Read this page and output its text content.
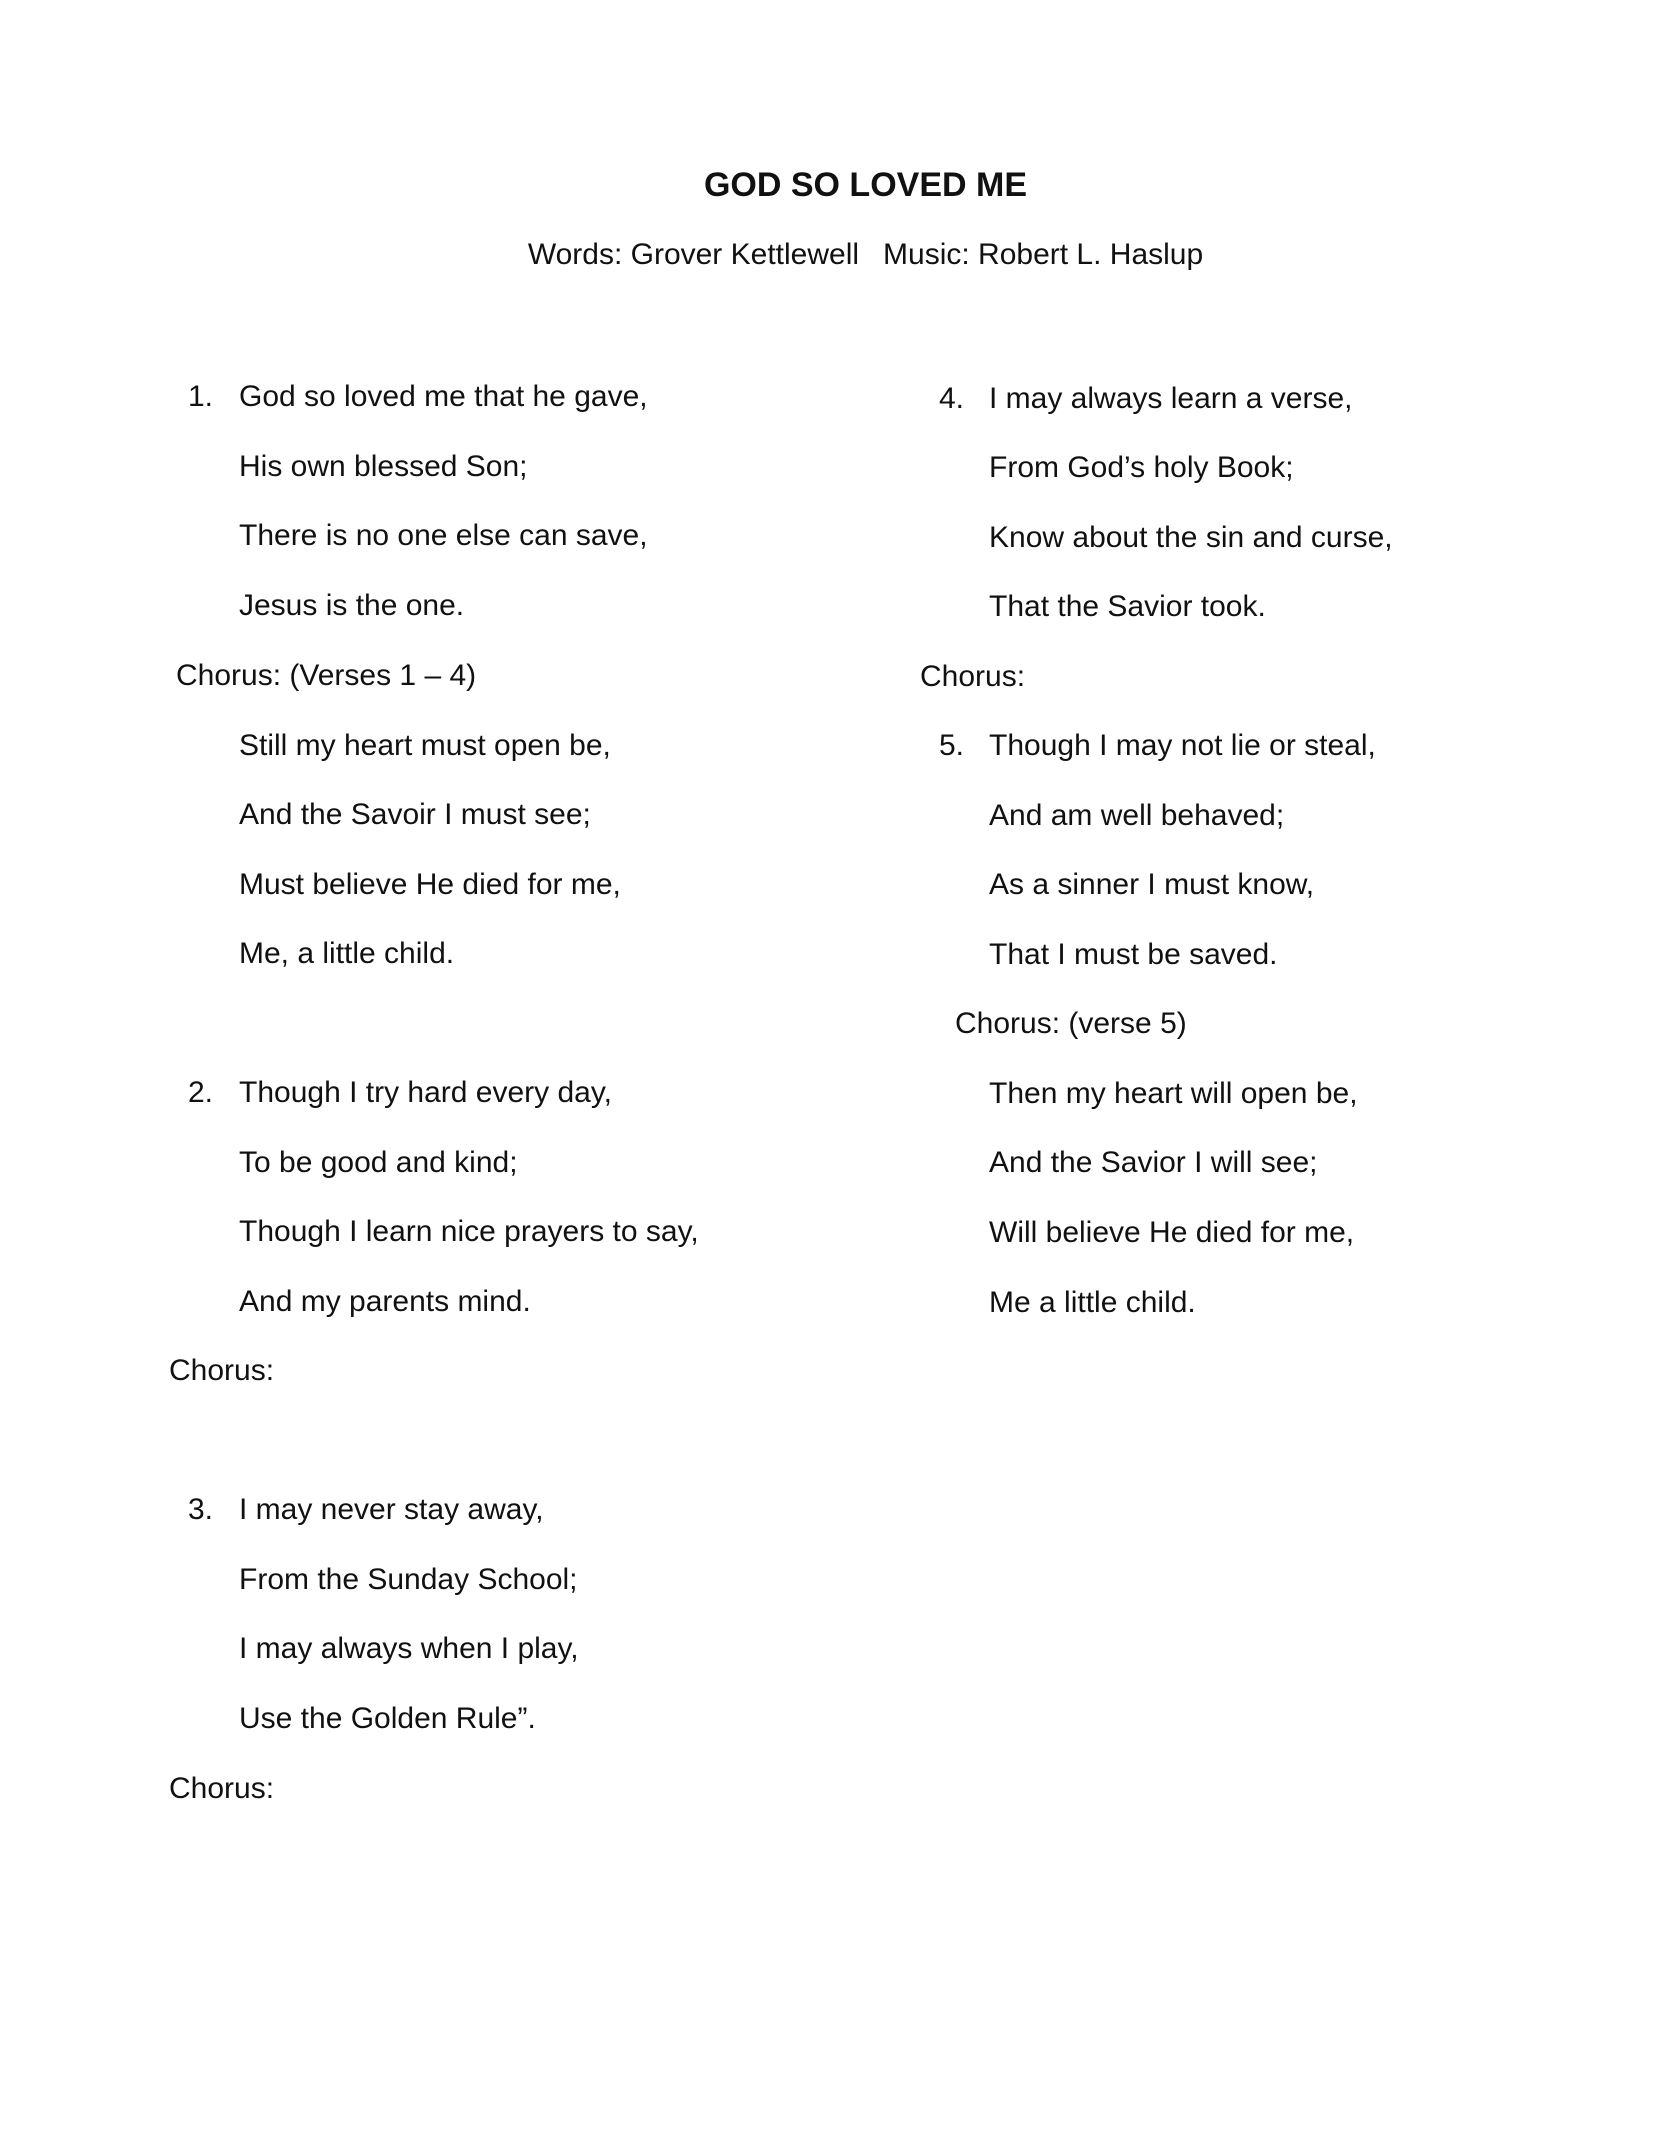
GOD SO LOVED ME
Words: Grover Kettlewell Music: Robert L. Haslup
1. God so loved me that he gave,
His own blessed Son;
There is no one else can save,
Jesus is the one.
Chorus: (Verses 1 – 4)
Still my heart must open be,
And the Savoir I must see;
Must believe He died for me,
Me, a little child.
2. Though I try hard every day,
To be good and kind;
Though I learn nice prayers to say,
And my parents mind.
Chorus:
3. I may never stay away,
From the Sunday School;
I may always when I play,
Use the Golden Rule”.
Chorus:
4. I may always learn a verse,
From God’s holy Book;
Know about the sin and curse,
That the Savior took.
Chorus:
5. Though I may not lie or steal,
And am well behaved;
As a sinner I must know,
That I must be saved.
Chorus: (verse 5)
Then my heart will open be,
And the Savior I will see;
Will believe He died for me,
Me a little child.
